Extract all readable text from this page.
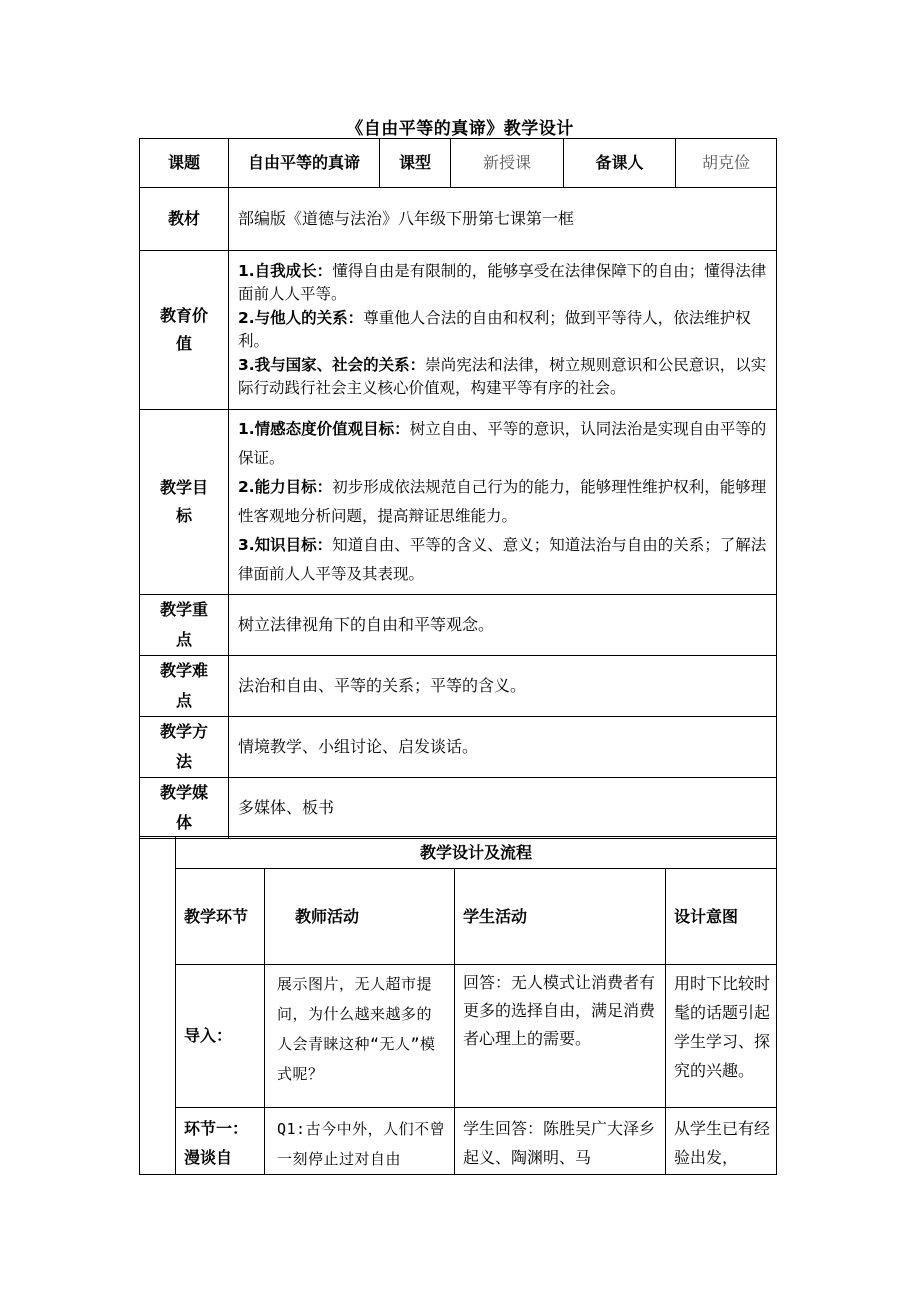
《自由平等的真谛》教学设计
课题	自由平等的真谛	课型	新授课	备课人	胡克俭
教材	部编版《道德与法治》八年级下册第七课第一框				
教育价值	1.自我成长：懂得自由是有限制的，能够享受在法律保障下的自由；懂得法律面前人人平等。

2.与他人的关系：尊重他人合法的自由和权利；做到平等待人，依法维护权利。

3.我与国家、社会的关系：崇尚宪法和法律，树立规则意识和公民意识，以实际行动践行社会主义核心价值观，构建平等有序的社会。				

教学目标	1.情感态度价值观目标：树立自由、平等的意识，认同法治是实现自由平等的保证。

2.能力目标：初步形成依法规范自己行为的能力，能够理性维护权利，能够理性客观地分析问题，提高辩证思维能力。

3.知识目标：知道自由、平等的含义、意义；知道法治与自由的关系；了解法律面前人人平等及其表现。				

教学重点	树立法律视角下的自由和平等观念。				
教学难点	法治和自由、平等的关系；平等的含义。				
教学方法	情境教学、小组讨论、启发谈话。				
教学媒体	多媒体、板书				
	教学设计及流程			
	教学环节	教师活动	学生活动	设计意图
	导入：	展示图片，无人超市提问，为什么越来越多的人会青睐这种“无人”模式呢？	回答：无人模式让消费者有更多的选择自由，满足消费者心理上的需要。	用时下比较时髦的话题引起学生学习、探究的兴趣。
	环节一：漫谈自	Q1:古今中外，人们不曾一刻停止过对自由	学生回答：陈胜吴广大泽乡起义、陶渊明、马	从学生已有经验出发，
